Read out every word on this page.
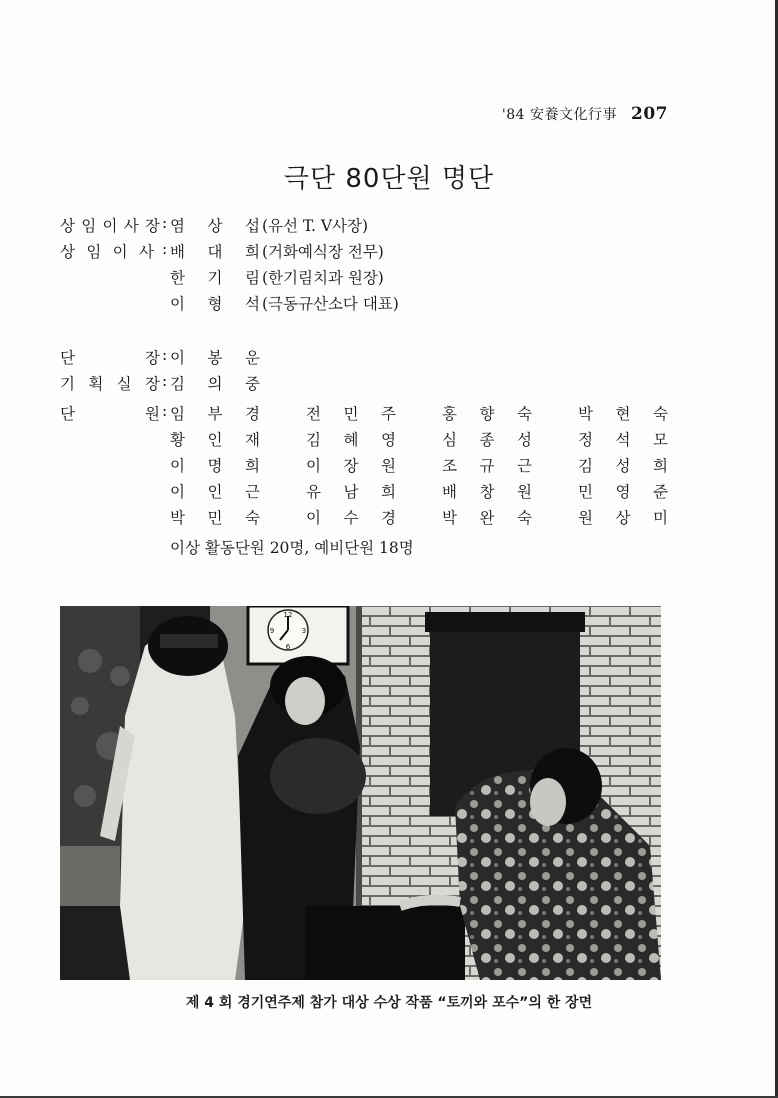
'84 安養文化行事 207
극단 80단원 명단
상 임 이 사 장 : 염 상 섭 (유선 T. V사장)
상 임 이 사 : 배 대 희 (거화예식장 전무)
한 기 림 (한기림치과 원장)
이 형 석 (극동규산소다 대표)
단	장 : 이 봉 운
기 획 실 장 : 김 의 중
단	원 : 임 부 경	전 민 주	홍 향 숙	박 현 숙
황 인 재	김 혜 영	심 종 성	정 석 모
이 명 희	이 장 원	조 규 근	김 성 희
이 인 근	유 남 희	배 창 원	민 영 준
박 민 숙	이 수 경	박 완 숙	원 상 미
이상 활동단원 20명, 예비단원 18명
12
3
6
9
제 4 회 경기연주제 참가 대상 수상 작품 “토끼와 포수”의 한 장면
